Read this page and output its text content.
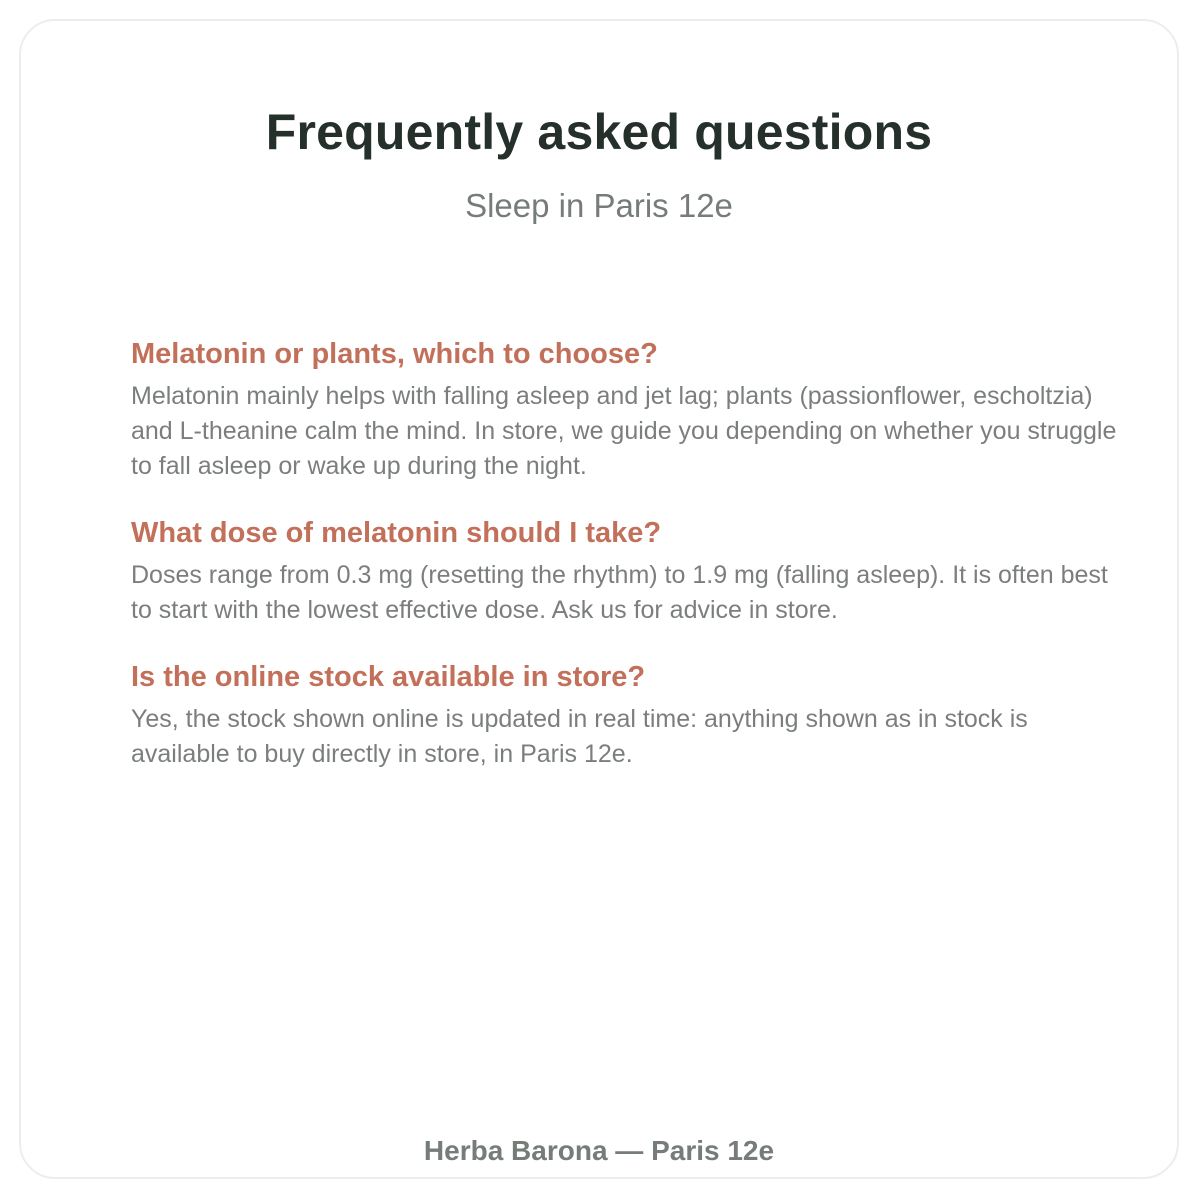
Frequently asked questions

Sleep in Paris 12e

Melatonin or plants, which to choose?

Melatonin mainly helps with falling asleep and jet lag; plants (passionflower, escholtzia) and L-theanine calm the mind. In store, we guide you depending on whether you struggle to fall asleep or wake up during the night.

What dose of melatonin should I take?

Doses range from 0.3 mg (resetting the rhythm) to 1.9 mg (falling asleep). It is often best to start with the lowest effective dose. Ask us for advice in store.

Is the online stock available in store?

Yes, the stock shown online is updated in real time: anything shown as in stock is available to buy directly in store, in Paris 12e.

Herba Barona — Paris 12e
